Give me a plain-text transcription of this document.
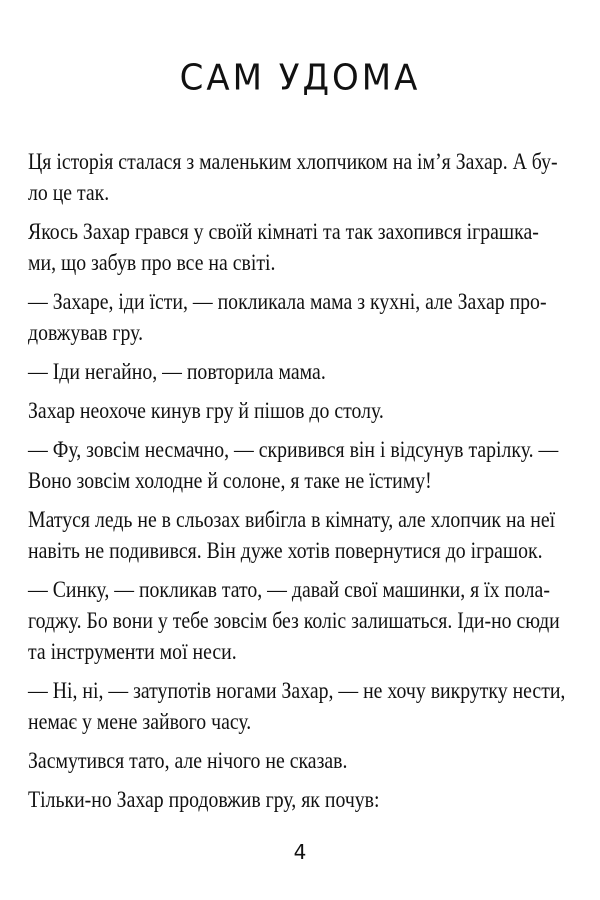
САМ УДОМА
Ця історія сталася з маленьким хлопчиком на ім’я Захар. А бу-
ло це так.
Якось Захар грався у своїй кімнаті та так захопився іграшка-
ми, що забув про все на світі.
— Захаре, іди їсти, — покликала мама з кухні, але Захар про-
довжував гру.
— Іди негайно, — повторила мама.
Захар неохоче кинув гру й пішов до столу.
— Фу, зовсім несмачно, — скривився він і відсунув тарілку. —
Воно зовсім холодне й солоне, я таке не їстиму!
Матуся ледь не в сльозах вибігла в кімнату, але хлопчик на неї
навіть не подивився. Він дуже хотів повернутися до іграшок.
— Синку, — покликав тато, — давай свої машинки, я їх пола-
годжу. Бо вони у тебе зовсім без коліс залишаться. Іди-но сюди
та інструменти мої неси.
— Ні, ні, — затупотів ногами Захар, — не хочу викрутку нести,
немає у мене зайвого часу.
Засмутився тато, але нічого не сказав.
Тільки-но Захар продовжив гру, як почув:
4
